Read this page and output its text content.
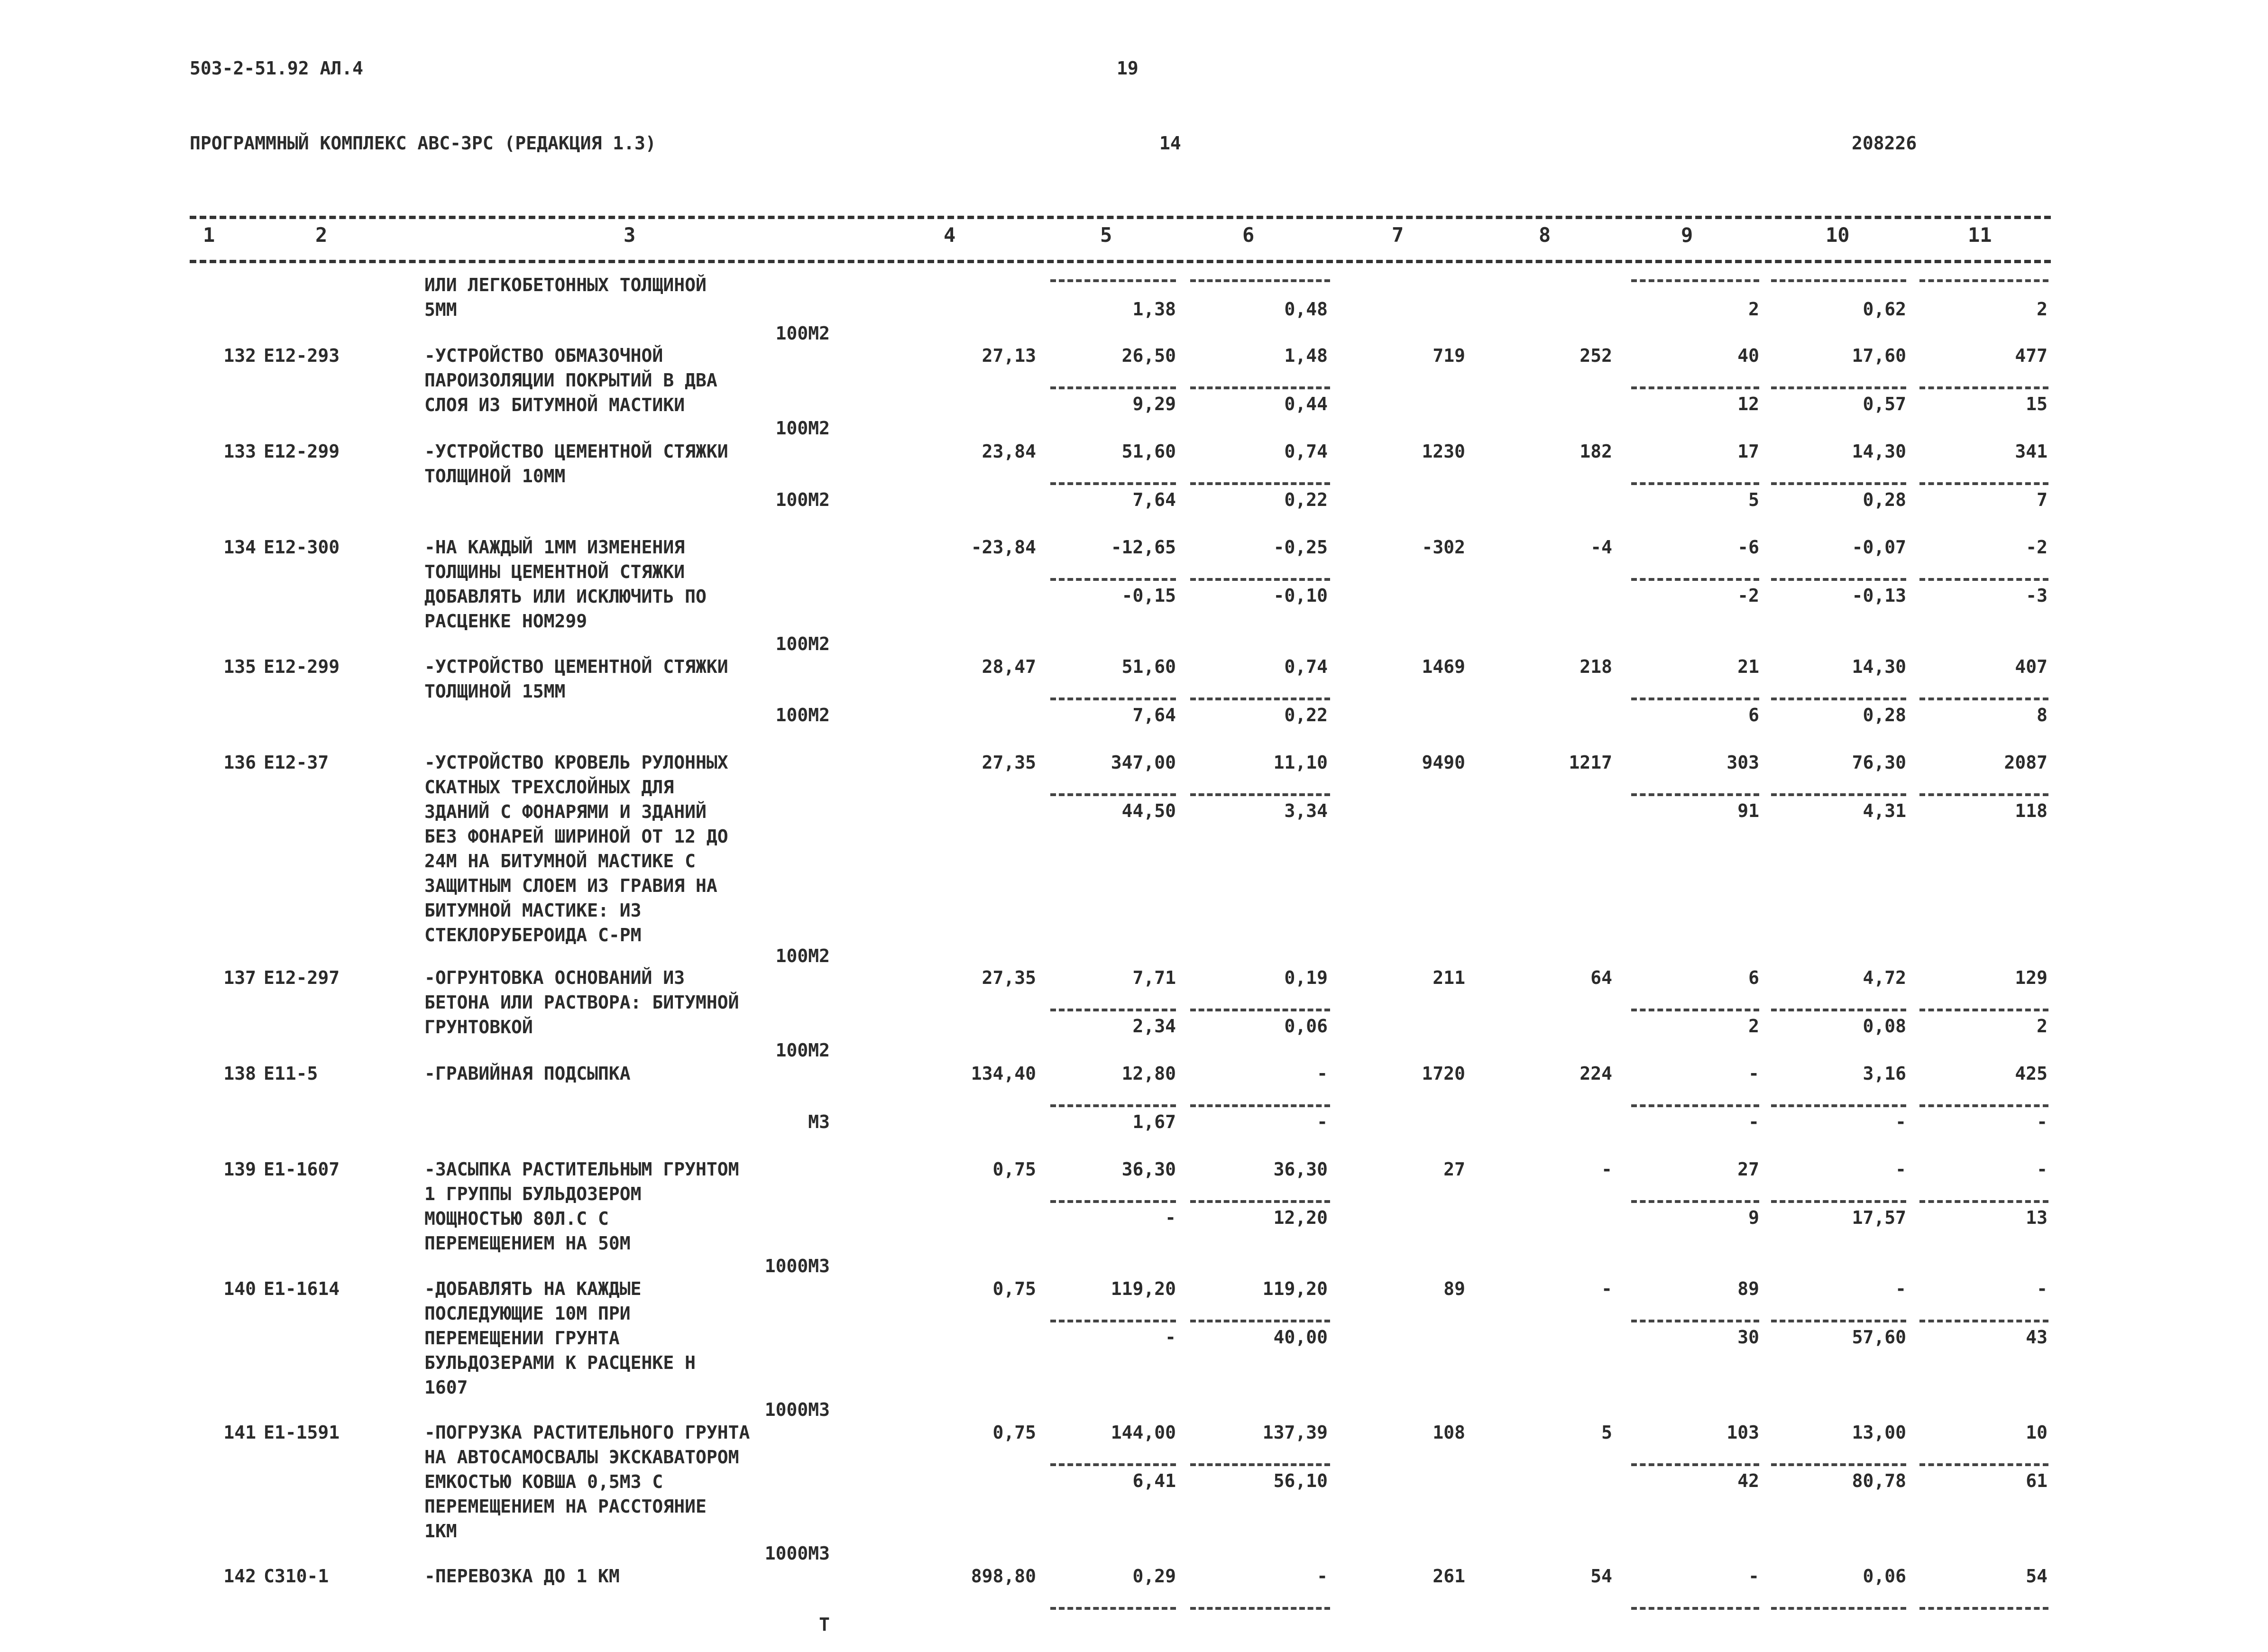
503-2-51.92 АЛ.4	19
ПРОГРАММНЫЙ КОМПЛЕКС АВС-3РС (РЕДАКЦИЯ 1.3)	14	208226
1	2	3	4	5	6	7	8	9	10	11
ИЛИ ЛЕГКОБЕТОННЫХ ТОЛЩИНОЙ
5ММ
100М2
1,38	0,48	2	0,62	2
132 Е12-293	-УСТРОЙСТВО ОБМАЗОЧНОЙ
ПАРОИЗОЛЯЦИИ ПОКРЫТИЙ В ДВА
СЛОЯ ИЗ БИТУМНОЙ МАСТИКИ
100М2
27,13	26,50	1,48	719	252	40	17,60	477
9,29	0,44	12	0,57	15
133 Е12-299	-УСТРОЙСТВО ЦЕМЕНТНОЙ СТЯЖКИ
ТОЛЩИНОЙ 10ММ
100М2
23,84	51,60	0,74	1230	182	17	14,30	341
7,64	0,22	5	0,28	7
134 Е12-300	-НА КАЖДЫЙ 1ММ ИЗМЕНЕНИЯ
ТОЛЩИНЫ ЦЕМЕНТНОЙ СТЯЖКИ
ДОБАВЛЯТЬ ИЛИ ИСКЛЮЧИТЬ ПО
РАСЦЕНКЕ НОМ299
100М2
-23,84	-12,65	-0,25	-302	-4	-6	-0,07	-2
-0,15	-0,10	-2	-0,13	-3
135 Е12-299	-УСТРОЙСТВО ЦЕМЕНТНОЙ СТЯЖКИ
ТОЛЩИНОЙ 15ММ
100М2
28,47	51,60	0,74	1469	218	21	14,30	407
7,64	0,22	6	0,28	8
136 Е12-37	-УСТРОЙСТВО КРОВЕЛЬ РУЛОННЫХ
СКАТНЫХ ТРЕХСЛОЙНЫХ ДЛЯ
ЗДАНИЙ С ФОНАРЯМИ И ЗДАНИЙ
БЕЗ ФОНАРЕЙ ШИРИНОЙ ОТ 12 ДО
24М НА БИТУМНОЙ МАСТИКЕ С
ЗАЩИТНЫМ СЛОЕМ ИЗ ГРАВИЯ НА
БИТУМНОЙ МАСТИКЕ: ИЗ
СТЕКЛОРУБЕРОИДА С-РМ
100М2
27,35	347,00	11,10	9490	1217	303	76,30	2087
44,50	3,34	91	4,31	118
137 Е12-297	-ОГРУНТОВКА ОСНОВАНИЙ ИЗ
БЕТОНА ИЛИ РАСТВОРА: БИТУМНОЙ
ГРУНТОВКОЙ
100М2
27,35	7,71	0,19	211	64	6	4,72	129
2,34	0,06	2	0,08	2
138 Е11-5	-ГРАВИЙНАЯ ПОДСЫПКА
М3
134,40	12,80	-	1720	224	-	3,16	425
1,67	-	-	-	-
139 Е1-1607	-ЗАСЫПКА РАСТИТЕЛЬНЫМ ГРУНТОМ
1 ГРУППЫ БУЛЬДОЗЕРОМ
МОЩНОСТЬЮ 80Л.С С
ПЕРЕМЕЩЕНИЕМ НА 50М
1000М3
0,75	36,30	36,30	27	-	27	-	-
-	12,20	9	17,57	13
140 Е1-1614	-ДОБАВЛЯТЬ НА КАЖДЫЕ
ПОСЛЕДУЮЩИЕ 10М ПРИ
ПЕРЕМЕЩЕНИИ ГРУНТА
БУЛЬДОЗЕРАМИ К РАСЦЕНКЕ Н
1607
1000М3
0,75	119,20	119,20	89	-	89	-	-
-	40,00	30	57,60	43
141 Е1-1591	-ПОГРУЗКА РАСТИТЕЛЬНОГО ГРУНТА
НА АВТОСАМОСВАЛЫ ЭКСКАВАТОРОМ
ЕМКОСТЬЮ КОВША 0,5М3 С
ПЕРЕМЕЩЕНИЕМ НА РАССТОЯНИЕ
1КМ
1000М3
0,75	144,00	137,39	108	5	103	13,00	10
6,41	56,10	42	80,78	61
142 С310-1	-ПЕРЕВОЗКА ДО 1 КМ
Т
898,80	0,29	-	261	54	-	0,06	54
